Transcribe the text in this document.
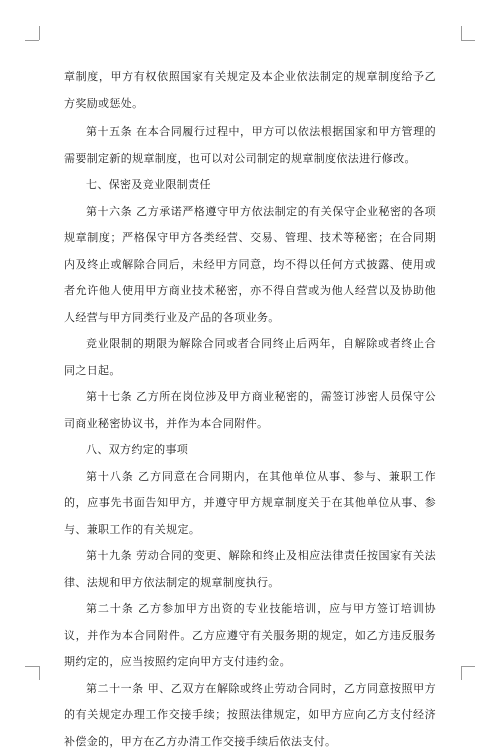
章制度，甲方有权依照国家有关规定及本企业依法制定的规章制度给予乙方奖励或惩处。

第十五条 在本合同履行过程中，甲方可以依法根据国家和甲方管理的需要制定新的规章制度，也可以对公司制定的规章制度依法进行修改。

七、保密及竞业限制责任

第十六条 乙方承诺严格遵守甲方依法制定的有关保守企业秘密的各项规章制度；严格保守甲方各类经营、交易、管理、技术等秘密；在合同期内及终止或解除合同后，未经甲方同意，均不得以任何方式披露、使用或者允许他人使用甲方商业技术秘密，亦不得自营或为他人经营以及协助他人经营与甲方同类行业及产品的各项业务。

竞业限制的期限为解除合同或者合同终止后两年，自解除或者终止合同之日起。

第十七条 乙方所在岗位涉及甲方商业秘密的，需签订涉密人员保守公司商业秘密协议书，并作为本合同附件。

八、双方约定的事项

第十八条 乙方同意在合同期内，在其他单位从事、参与、兼职工作的，应事先书面告知甲方，并遵守甲方规章制度关于在其他单位从事、参与、兼职工作的有关规定。

第十九条 劳动合同的变更、解除和终止及相应法律责任按国家有关法律、法规和甲方依法制定的规章制度执行。

第二十条 乙方参加甲方出资的专业技能培训，应与甲方签订培训协议，并作为本合同附件。乙方应遵守有关服务期的规定，如乙方违反服务期约定的，应当按照约定向甲方支付违约金。

第二十一条 甲、乙双方在解除或终止劳动合同时，乙方同意按照甲方的有关规定办理工作交接手续；按照法律规定，如甲方应向乙方支付经济补偿金的，甲方在乙方办清工作交接手续后依法支付。
